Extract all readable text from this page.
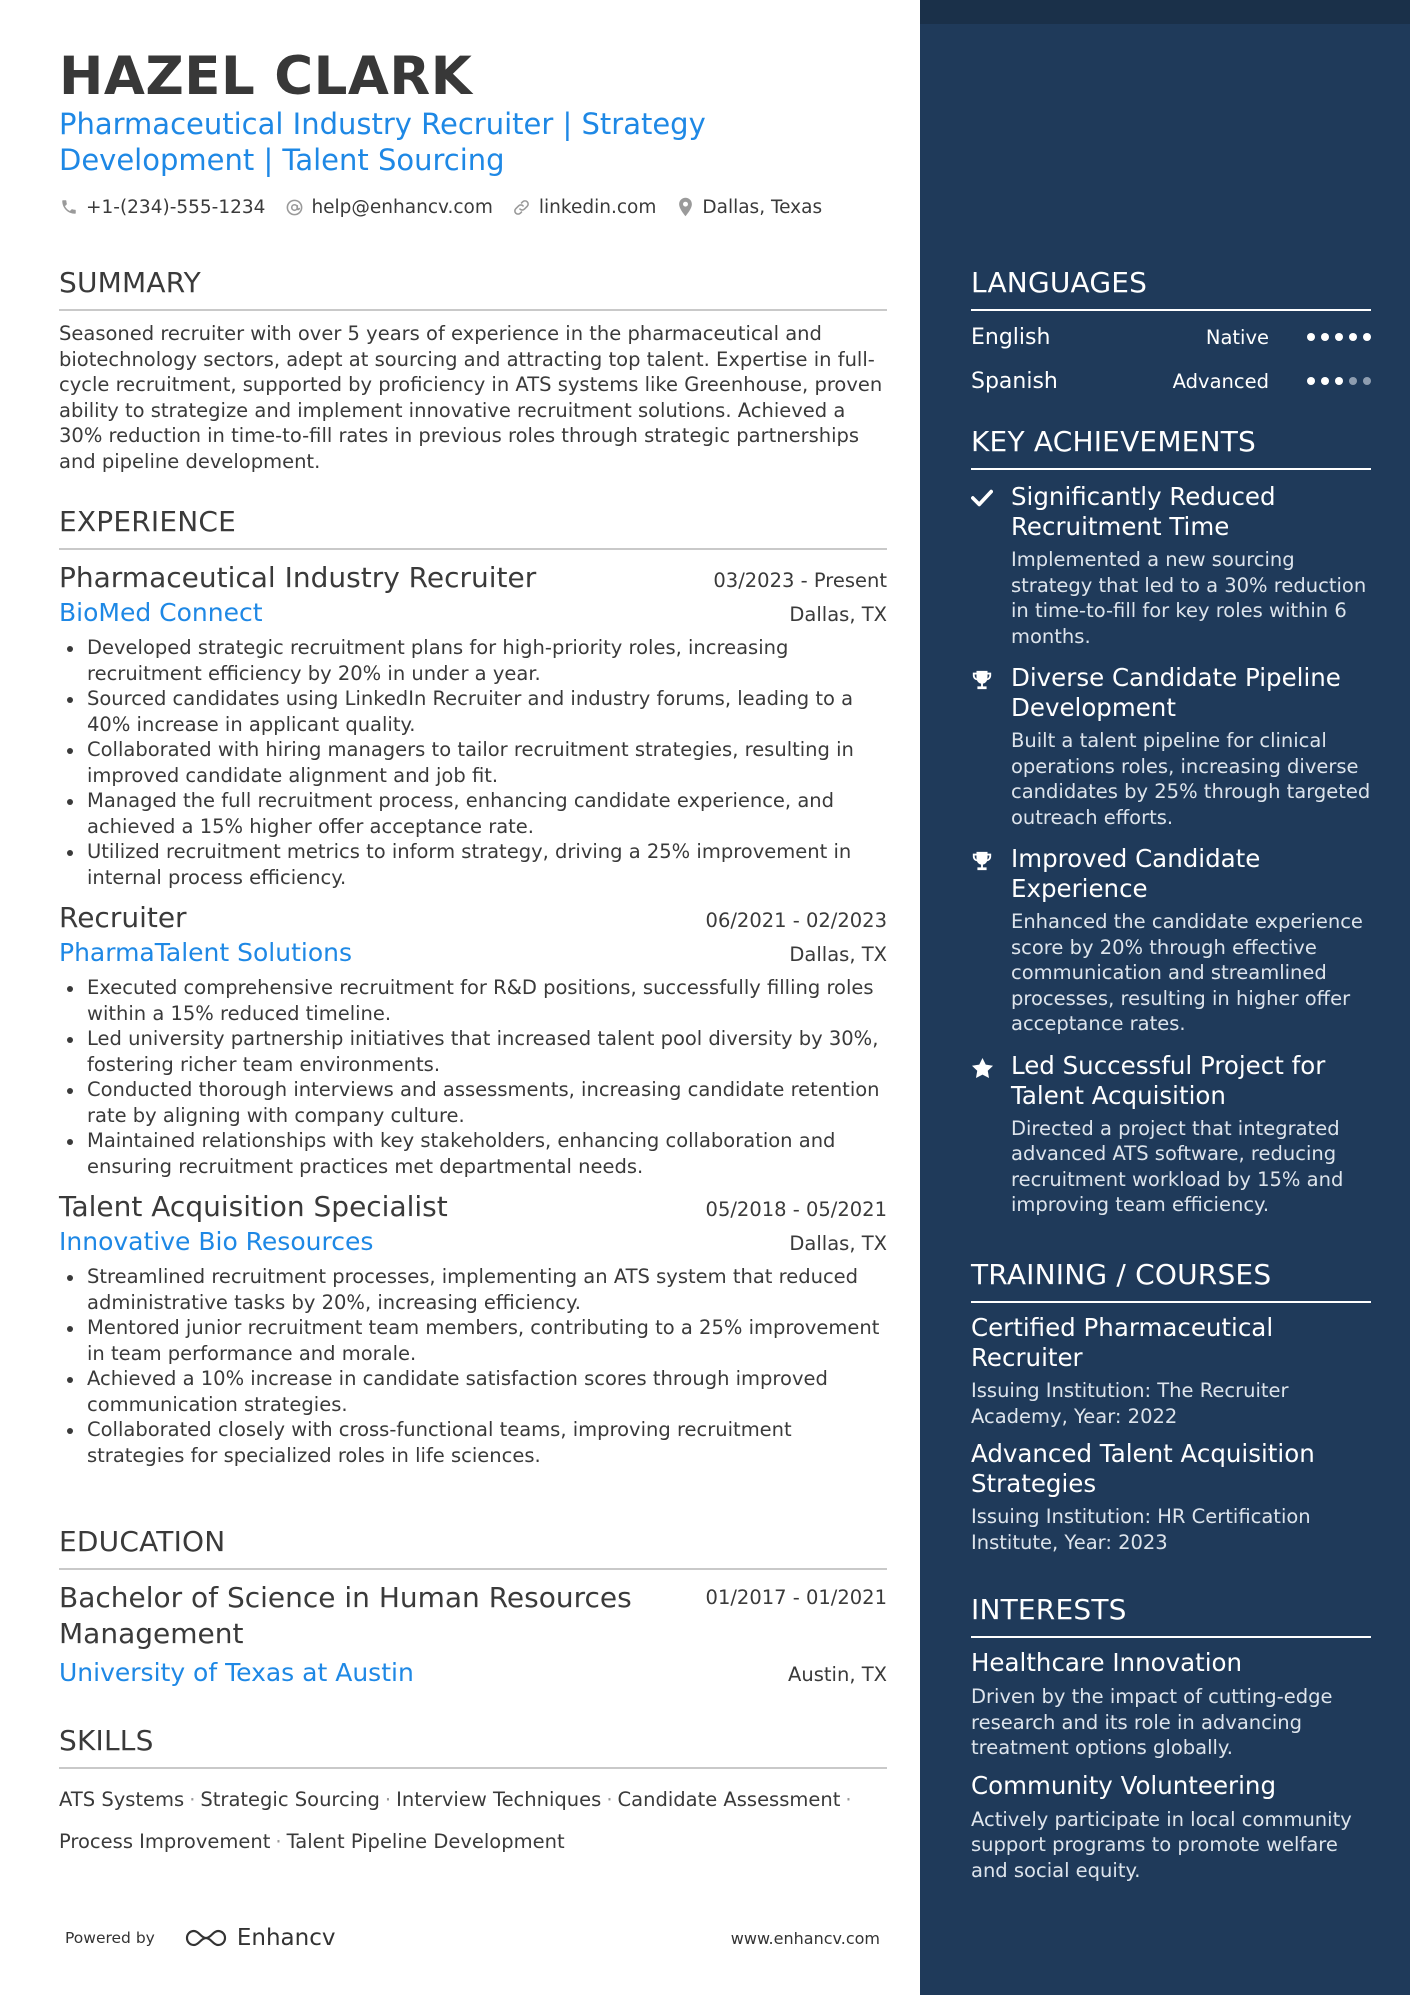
HAZEL CLARK
Pharmaceutical Industry Recruiter | Strategy Development | Talent Sourcing
+1-(234)-555-1234 help@enhancv.com linkedin.com Dallas, Texas
SUMMARY

Seasoned recruiter with over 5 years of experience in the pharmaceutical and biotechnology sectors, adept at sourcing and attracting top talent. Expertise in full-cycle recruitment, supported by proficiency in ATS systems like Greenhouse, proven ability to strategize and implement innovative recruitment solutions. Achieved a 30% reduction in time-to-fill rates in previous roles through strategic partnerships and pipeline development.

EXPERIENCE
Pharmaceutical Industry Recruiter	03/2023 - Present
BioMed Connect	Dallas, TX
Developed strategic recruitment plans for high-priority roles, increasing recruitment efficiency by 20% in under a year.
Sourced candidates using LinkedIn Recruiter and industry forums, leading to a 40% increase in applicant quality.
Collaborated with hiring managers to tailor recruitment strategies, resulting in improved candidate alignment and job fit.
Managed the full recruitment process, enhancing candidate experience, and achieved a 15% higher offer acceptance rate.
Utilized recruitment metrics to inform strategy, driving a 25% improvement in internal process efficiency.
Recruiter	06/2021 - 02/2023
PharmaTalent Solutions	Dallas, TX
Executed comprehensive recruitment for R&D positions, successfully filling roles within a 15% reduced timeline.
Led university partnership initiatives that increased talent pool diversity by 30%, fostering richer team environments.
Conducted thorough interviews and assessments, increasing candidate retention rate by aligning with company culture.
Maintained relationships with key stakeholders, enhancing collaboration and ensuring recruitment practices met departmental needs.
Talent Acquisition Specialist	05/2018 - 05/2021
Innovative Bio Resources	Dallas, TX
Streamlined recruitment processes, implementing an ATS system that reduced administrative tasks by 20%, increasing efficiency.
Mentored junior recruitment team members, contributing to a 25% improvement in team performance and morale.
Achieved a 10% increase in candidate satisfaction scores through improved communication strategies.
Collaborated closely with cross-functional teams, improving recruitment strategies for specialized roles in life sciences.
EDUCATION
Bachelor of Science in Human Resources Management
01/2017 - 01/2021
University of Texas at Austin	Austin, TX
SKILLS
ATS Systems · Strategic Sourcing · Interview Techniques · Candidate Assessment ·
Process Improvement · Talent Pipeline Development
Powered by	Enhancv	www.enhancv.com
LANGUAGES
English	Native
Spanish	Advanced
KEY ACHIEVEMENTS
Significantly Reduced Recruitment Time
Implemented a new sourcing strategy that led to a 30% reduction in time-to-fill for key roles within 6 months.
Diverse Candidate Pipeline Development
Built a talent pipeline for clinical operations roles, increasing diverse candidates by 25% through targeted outreach efforts.
Improved Candidate Experience
Enhanced the candidate experience score by 20% through effective communication and streamlined processes, resulting in higher offer acceptance rates.
Led Successful Project for Talent Acquisition
Directed a project that integrated advanced ATS software, reducing recruitment workload by 15% and improving team efficiency.
TRAINING / COURSES
Certified Pharmaceutical Recruiter
Issuing Institution: The Recruiter Academy, Year: 2022
Advanced Talent Acquisition Strategies
Issuing Institution: HR Certification Institute, Year: 2023
INTERESTS
Healthcare Innovation
Driven by the impact of cutting-edge research and its role in advancing treatment options globally.
Community Volunteering
Actively participate in local community support programs to promote welfare and social equity.
